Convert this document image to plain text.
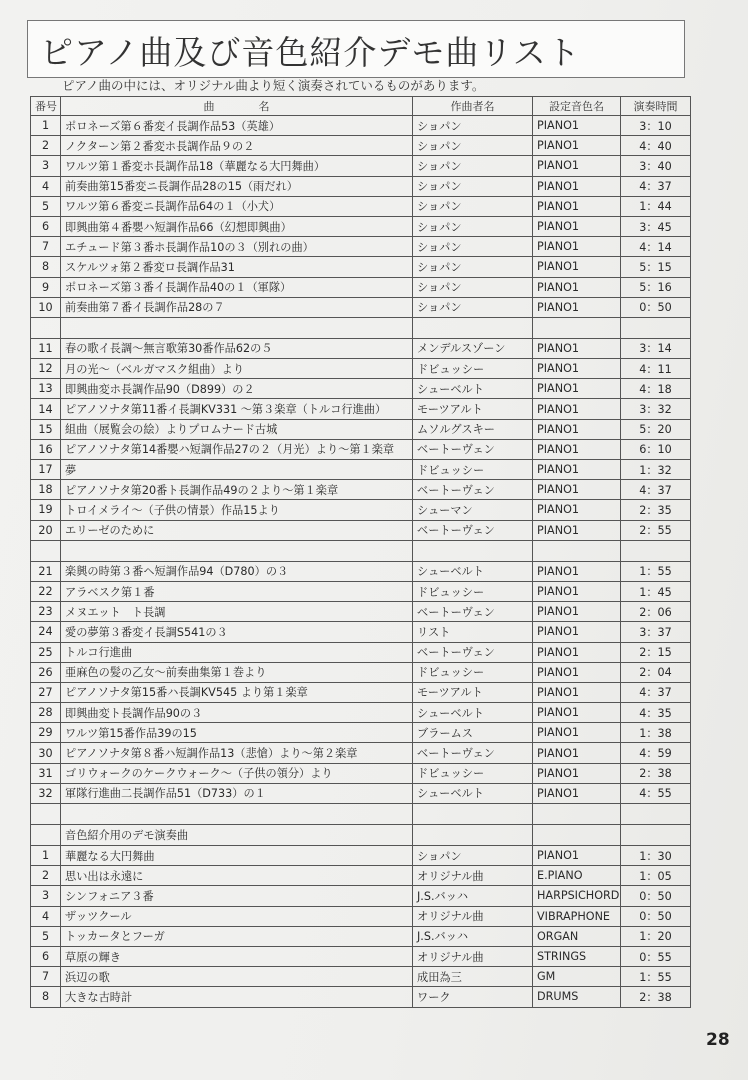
ピアノ曲及び音色紹介デモ曲リスト
ピアノ曲の中には、オリジナル曲より短く演奏されているものがあります。
番号	曲　　　　名	作曲者名	設定音色名	演奏時間
1	ポロネーズ第６番変イ長調作品53（英雄）	ショパン	PIANO1	3：10
2	ノクターン第２番変ホ長調作品９の２	ショパン	PIANO1	4：40
3	ワルツ第１番変ホ長調作品18（華麗なる大円舞曲）	ショパン	PIANO1	3：40
4	前奏曲第15番変ニ長調作品28の15（雨だれ）	ショパン	PIANO1	4：37
5	ワルツ第６番変ニ長調作品64の１（小犬）	ショパン	PIANO1	1：44
6	即興曲第４番嬰ハ短調作品66（幻想即興曲）	ショパン	PIANO1	3：45
7	エチュード第３番ホ長調作品10の３（別れの曲）	ショパン	PIANO1	4：14
8	スケルツォ第２番変ロ長調作品31	ショパン	PIANO1	5：15
9	ポロネーズ第３番イ長調作品40の１（軍隊）	ショパン	PIANO1	5：16
10	前奏曲第７番イ長調作品28の７	ショパン	PIANO1	0：50

11	春の歌イ長調〜無言歌第30番作品62の５	メンデルスゾーン	PIANO1	3：14
12	月の光〜（ベルガマスク組曲）より	ドビュッシー	PIANO1	4：11
13	即興曲変ホ長調作品90（D899）の２	シューベルト	PIANO1	4：18
14	ピアノソナタ第11番イ長調KV331 〜第３楽章（トルコ行進曲）	モーツアルト	PIANO1	3：32
15	組曲（展覧会の絵）よりプロムナード古城	ムソルグスキー	PIANO1	5：20
16	ピアノソナタ第14番嬰ハ短調作品27の２（月光）より〜第１楽章	ベートーヴェン	PIANO1	6：10
17	夢	ドビュッシー	PIANO1	1：32
18	ピアノソナタ第20番ト長調作品49の２より〜第１楽章	ベートーヴェン	PIANO1	4：37
19	トロイメライ〜（子供の情景）作品15より	シューマン	PIANO1	2：35
20	エリーゼのために	ベートーヴェン	PIANO1	2：55

21	楽興の時第３番ヘ短調作品94（D780）の３	シューベルト	PIANO1	1：55
22	アラベスク第１番	ドビュッシー	PIANO1	1：45
23	メヌエット　ト長調	ベートーヴェン	PIANO1	2：06
24	愛の夢第３番変イ長調S541の３	リスト	PIANO1	3：37
25	トルコ行進曲	ベートーヴェン	PIANO1	2：15
26	亜麻色の髪の乙女〜前奏曲集第１巻より	ドビュッシー	PIANO1	2：04
27	ピアノソナタ第15番ハ長調KV545 より第１楽章	モーツアルト	PIANO1	4：37
28	即興曲変ト長調作品90の３	シューベルト	PIANO1	4：35
29	ワルツ第15番作品39の15	ブラームス	PIANO1	1：38
30	ピアノソナタ第８番ハ短調作品13（悲愴）より〜第２楽章	ベートーヴェン	PIANO1	4：59
31	ゴリウォークのケークウォーク〜（子供の領分）より	ドビュッシー	PIANO1	2：38
32	軍隊行進曲二長調作品51（D733）の１	シューベルト	PIANO1	4：55

	音色紹介用のデモ演奏曲			
1	華麗なる大円舞曲	ショパン	PIANO1	1：30
2	思い出は永遠に	オリジナル曲	E.PIANO	1：05
3	シンフォニア３番	J.S.バッハ	HARPSICHORD	0：50
4	ザッツクール	オリジナル曲	VIBRAPHONE	0：50
5	トッカータとフーガ	J.S.バッハ	ORGAN	1：20
6	草原の輝き	オリジナル曲	STRINGS	0：55
7	浜辺の歌	成田為三	GM	1：55
8	大きな古時計	ワーク	DRUMS	2：38
28
